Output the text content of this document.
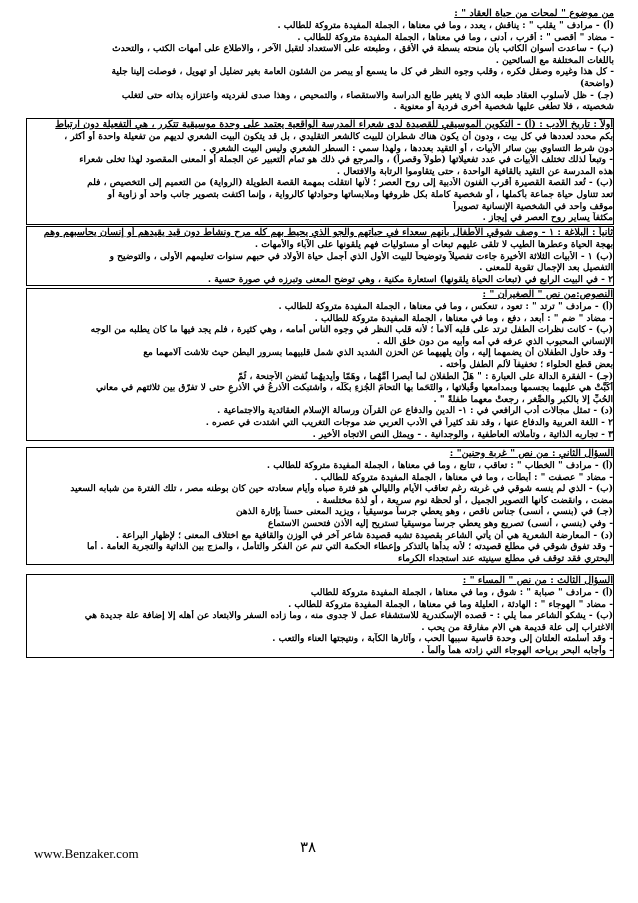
من موضوع " لمحات من حياة العقاد " :
(أ) - مرادف " يقلب " : يناقش ، يعدد ، وما في معناها ، الجملة المفيدة متروكة للطالب .
- مضاد " أقصى " : أقرب ، أدنى ، وما في معناها ، الجملة المفيدة متروكة للطالب .
(ب) - ساعدت أسوان الكاتب بأن منحته بسطة في الأفق ، وطبعته على الاستعداد لتقبل الآخر ، والاطلاع على أمهات الكتب ، والتحدث
باللغات المختلفة مع السائحين .
- كل هذا وغيره وصقل فكره ، وقلب وجوه النظر في كل ما يسمع أو يبصر من الشئون العامة بغير تضليل أو تهويل ، فوصلت إلينا جلية
(واضحة)
(جـ) - ظل لأسلوب العقاد طبعه الذي لا يتغير طابع الدراسة والاستقصاء ، والتمحيص ، وهذا صدى لفرديته واعتزازه بذاته حتى لتغلب
شخصيته ، فلا تطغى عليها شخصية أخرى فردية أو معنوية .
أولاً : تاريخ الأدب : (أ) - التكوين الموسيقي للقصيدة لدى شعراء المدرسة الواقعية يعتمد على وحدة موسيقية تتكرر ، هي التفعيلة دون ارتباط
بكم محدد لعددها في كل بيت ، ودون أن يكون هناك شطران للبيت كالشعر التقليدي ، بل قد يتكون البيت الشعري لديهم من تفعيلة واحدة أو أكثر ،
دون شرط التساوي بين سائر الأبيات ، أو التقيد بعددها ، ولهذا سمي : السطر الشعري وليس البيت الشعري .
- وتبعاً لذلك تختلف الأبيات في عدد تفعيلاتها (طولاً وقصراً) ، والمرجع في ذلك هو تمام التعبير عن الجملة أو المعنى المقصود لهذا تخلى شعراء
هذه المدرسة عن التقيد بالقافية الواحدة ، حتى يتقاوموا الرتابة والافتعال .
(ب) - تُعد القصة القصيرة أقرب الفنون الأدبية إلى روح العصر ؛ لأنها انتقلت بمهمة القصة الطويلة (الرواية) من التعميم إلى التخصيص ، فلم
تعد تتناول حياة جماعة بأكملها ، أو شخصية كاملة بكل ظروفها وملابساتها وحوادثها كالرواية ، وإنما اكتفت بتصوير جانب واحد أو زاوية أو
موقف واحد في الشخصية الإنسانية تصويراً
مكثفاً يساير روح العصر في إيجاز .
ثانياً : البلاغة : ١ - وصف شوقي الأطفال بأنهم سعداء في حياتهم والجو الذي يحيط بهم كله مرح ونشاط دون قيد يقيدهم أو إنسان يحاسبهم وهم
بهجة الحياة وعطرها الطيب لا تلقى عليهم تبعات أو مسئوليات فهم يلقونها على الآباء والأمهات .
(ب) ١ - الأبيات الثلاثة الأخيرة جاءت تفصيلاً وتوضيحاً للبيت الأول الذي أجمل حياة الأولاد في حبهم سنوات تعليمهم الأولى ، والتوضيح و
التفصيل بعد الإجمال تقوية للمعنى .
٢ - في البيت الرابع في (تبعات الحياة يلقونها) استعارة مكنية ، وهي توضح المعنى وتبرزه في صورة حسية .
النصوص:من نص " الصغيران " :
(أ) - مرادف " ترتد " : تعود ، تنعكس ، وما في معناها ، الجملة المفيدة متروكة للطالب .
- مضاد " ضم " : أبعد ، دفع ، وما في معناها ، الجملة المفيدة متروكة للطالب .
(ب) - كانت نظرات الطفل ترتد على قلبه آلاماً ؛ لأنه قلب النظر في وجوه الناس أمامه ، وهي كثيرة ، فلم يجد فيها ما كان يطلبه من الوجه
الإنساني المحبوب الذي عرفه في أمه وأبيه من دون خلق الله .
- وقد حاول الطفلان أن يضمهما إليه ، وأن يلهيهما عن الحزن الشديد الذي شمل قلبيهما بسرور البطن حيث تلاشت آلامهما مع
بعض قطع الحلواء ؛ تخفيفاً لألم الطفل وأخته .
(جـ) - الفقرة الدالة على العبارة : " هَلَّ الطفلان لما أبصرا أمَّهُما ، وهَمّا وأيديهُما نُفضن الأجنحة ، ثُمّ
أَكَبَّتْ هي عليهما بجسمها وبمدامعها وقُبلاتها ، والتَحَما بها التحامَ الجُزءِ بكُلِّه ، واشتبكت الأذرعُ في الأذرعِ حتى لا تفرّق بين ثلاثتهم في معاني
الحُبِّ إلا بالكبر والصِّغر ، رجعتْ معهما طفلةً " .
(د) - تمثل مجالات أدب الرافعي في : ١- الدين والدفاع عن القرآن ورسالة الإسلام العقائدية والاجتماعية .
٢ - اللغة العربية والدفاع عنها ، وقد نقد كثيراً في الأدب العربي ضد موجات التغريب التي اشتدت في عصره .
٣ - تجاربه الذاتية ، وتأملاته العاطفية ، والوجدانية . - ويمثل النص الاتجاه الأخير .
السؤال الثاني : من نص " غربة وحنين" :
(أ) - مرادف " الخطاب " : تعاقب ، تتابع ، وما في معناها ، الجملة المفيدة متروكة للطالب .
- مضاد " عصفت " : أبطأت ، وما في معناها ، الجملة المفيدة متروكة للطالب .
(ب) - الذي لم ينسه شوقي في غربته رغم تعاقب الأيام والليالي هو فترة صباه وأيام سعادته حين كان بوطنه مصر ، تلك الفترة من شبابه السعيد
مضت ، وانقضت كأنها التصوير الجميل ، أو لحظة نوم سريعة ، أو لذة مختلسة .
(جـ) في (بنسي ، أنسى) جناس ناقص ، وهو يعطي جرساً موسيقياً ، ويزيد المعنى حسناً بإثارة الذهن
- وفي (بنسي ، أنسى) تصريع وهو يعطي جرساً موسيقياً تستريح إليه الأذن فتحسن الاستماع
(د) - المعارضة الشعرية هي أن يأتي الشاعر بقصيدة تشبه قصيدة شاعر آخر في الوزن والقافية مع اختلاف المعنى ؛ لإظهار البراعة .
- وقد تفوق شوقي في مطلع قصيدته ؛ لأنه بدأها بالتذكر وإعطاء الحكمة التي تنم عن الفكر والتأمل ، والمزج بين الذاتية والتجربة العامة . أما
البحتري فقد توقف في مطلع سينيته عند استجداء الكرماء
السؤال الثالث : من نص " المساء " :
(أ) - مرادف " صبابة " : شوق ، وما في معناها ، الجملة المفيدة متروكة للطالب
- مضاد " الهوجاء " : الهادئة ، العليلة وما في معناها ، الجملة المفيدة متروكة للطالب .
(ب) - يشكو الشاعر مما يلي : - قصده الإسكندرية للاستشفاء عمل لا جدوى منه ، وما زاده السفر والابتعاد عن أهله إلا إضافة علة جديدة هي
الاغتراب إلى علة قديمة هي الام مفارقة من يحب .
- وقد أسلمته العلتان إلى وحدة قاسية سببها الحب ، وآثارها الكآبة ، ونتيجتها العناء والتعب .
- وأجابه البحر برياحه الهوجاء التي زادته هماً وألماً .
٣٨
www.Benzaker.com
